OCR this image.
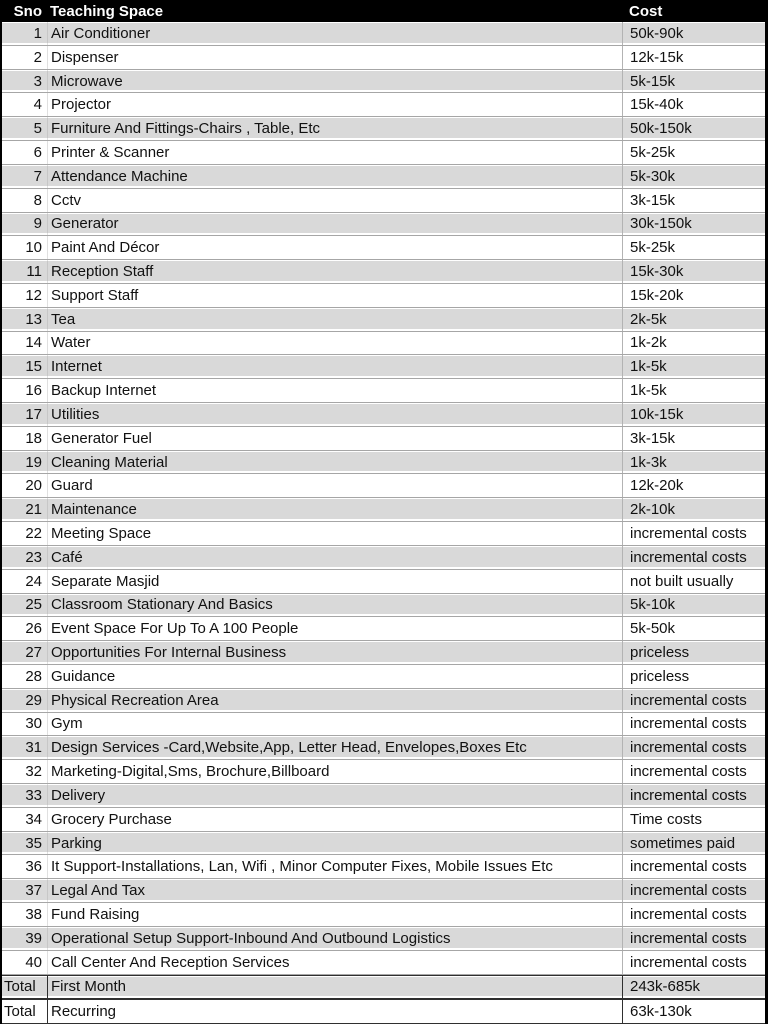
Sno Teaching Space	Cost
1 Air Conditioner	50k-90k
2 Dispenser	12k-15k
3 Microwave	5k-15k
4 Projector	15k-40k
5 Furniture And Fittings-Chairs , Table, Etc	50k-150k
6 Printer & Scanner	5k-25k
7 Attendance Machine	5k-30k
8 Cctv	3k-15k
9 Generator	30k-150k
10 Paint And Décor	5k-25k
11 Reception Staff	15k-30k
12 Support Staff	15k-20k
13 Tea	2k-5k
14 Water	1k-2k
15 Internet	1k-5k
16 Backup Internet	1k-5k
17 Utilities	10k-15k
18 Generator Fuel	3k-15k
19 Cleaning Material	1k-3k
20 Guard	12k-20k
21 Maintenance	2k-10k
22 Meeting Space	incremental costs
23 Café	incremental costs
24 Separate Masjid	not built usually
25 Classroom Stationary And Basics	5k-10k
26 Event Space For Up To A 100 People	5k-50k
27 Opportunities For Internal Business	priceless
28 Guidance	priceless
29 Physical Recreation Area	incremental costs
30 Gym	incremental costs
31 Design Services -Card,Website,App, Letter Head, Envelopes,Boxes Etc	incremental costs
32 Marketing-Digital,Sms, Brochure,Billboard	incremental costs
33 Delivery	incremental costs
34 Grocery Purchase	Time costs
35 Parking	sometimes paid
36 It Support-Installations, Lan, Wifi , Minor Computer Fixes, Mobile Issues Etc	incremental costs
37 Legal And Tax	incremental costs
38 Fund Raising	incremental costs
39 Operational Setup Support-Inbound And Outbound Logistics	incremental costs
40 Call Center And Reception Services	incremental costs
Total	First Month	243k-685k
Total	Recurring	63k-130k
